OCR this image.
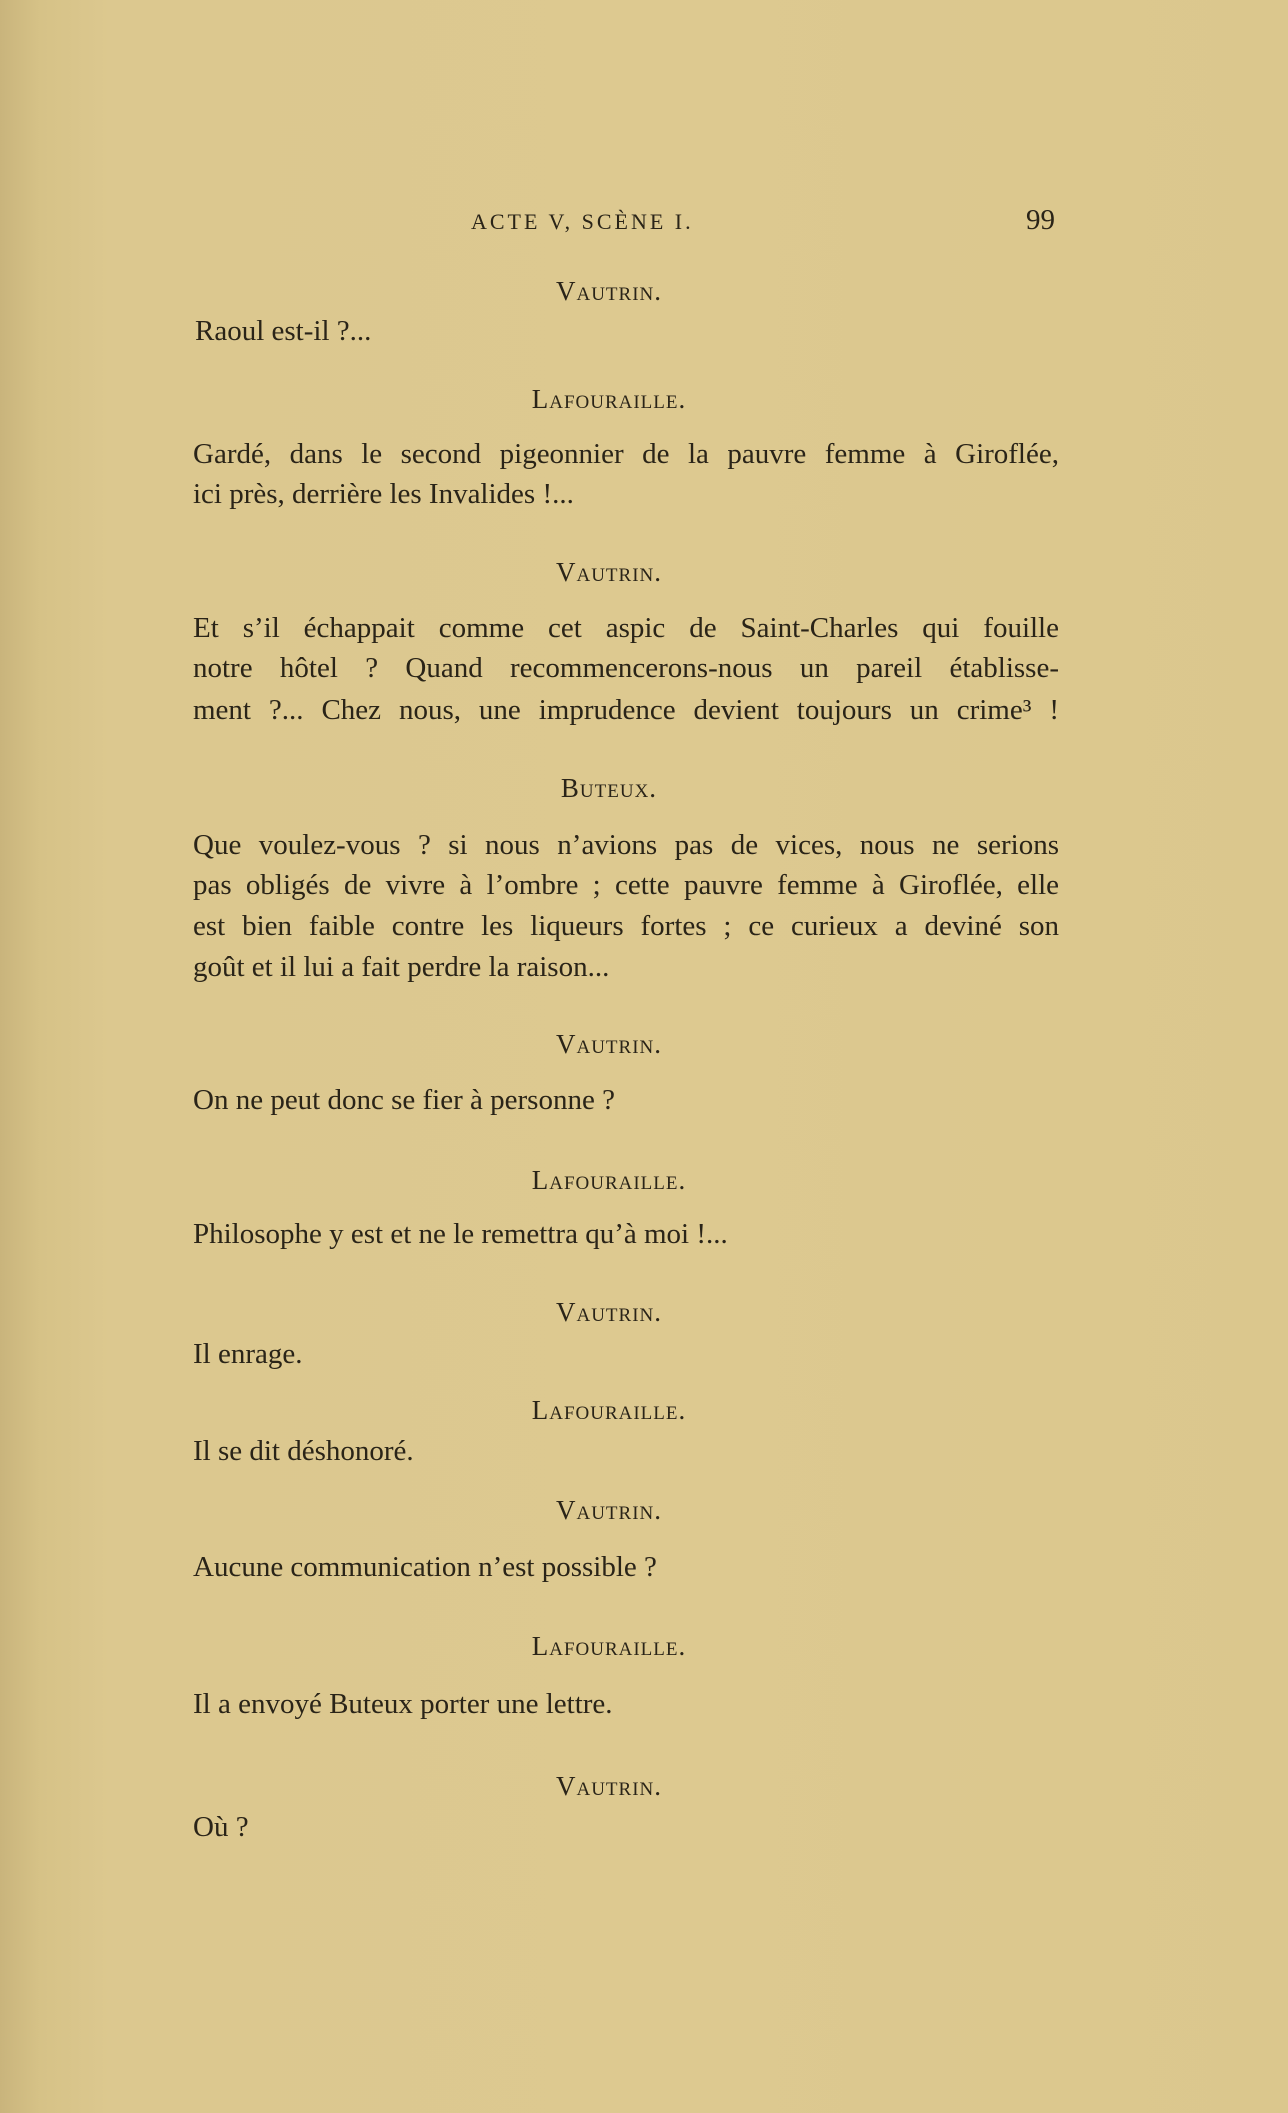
ACTE V, SCÈNE I.	99
Vautrin.
Raoul est-il ?...
Lafouraille.
Gardé, dans le second pigeonnier de la pauvre femme à Giroflée,
ici près, derrière les Invalides !...
Vautrin.
Et s’il échappait comme cet aspic de Saint-Charles qui fouille
notre hôtel ? Quand recommencerons-nous un pareil établisse-
ment ?... Chez nous, une imprudence devient toujours un crime³ !
Buteux.
Que voulez-vous ? si nous n’avions pas de vices, nous ne serions
pas obligés de vivre à l’ombre ; cette pauvre femme à Giroflée, elle
est bien faible contre les liqueurs fortes ; ce curieux a deviné son
goût et il lui a fait perdre la raison...
Vautrin.
On ne peut donc se fier à personne ?
Lafouraille.
Philosophe y est et ne le remettra qu’à moi !...
Vautrin.
Il enrage.
Lafouraille.
Il se dit déshonoré.
Vautrin.
Aucune communication n’est possible ?
Lafouraille.
Il a envoyé Buteux porter une lettre.
Vautrin.
Où ?
